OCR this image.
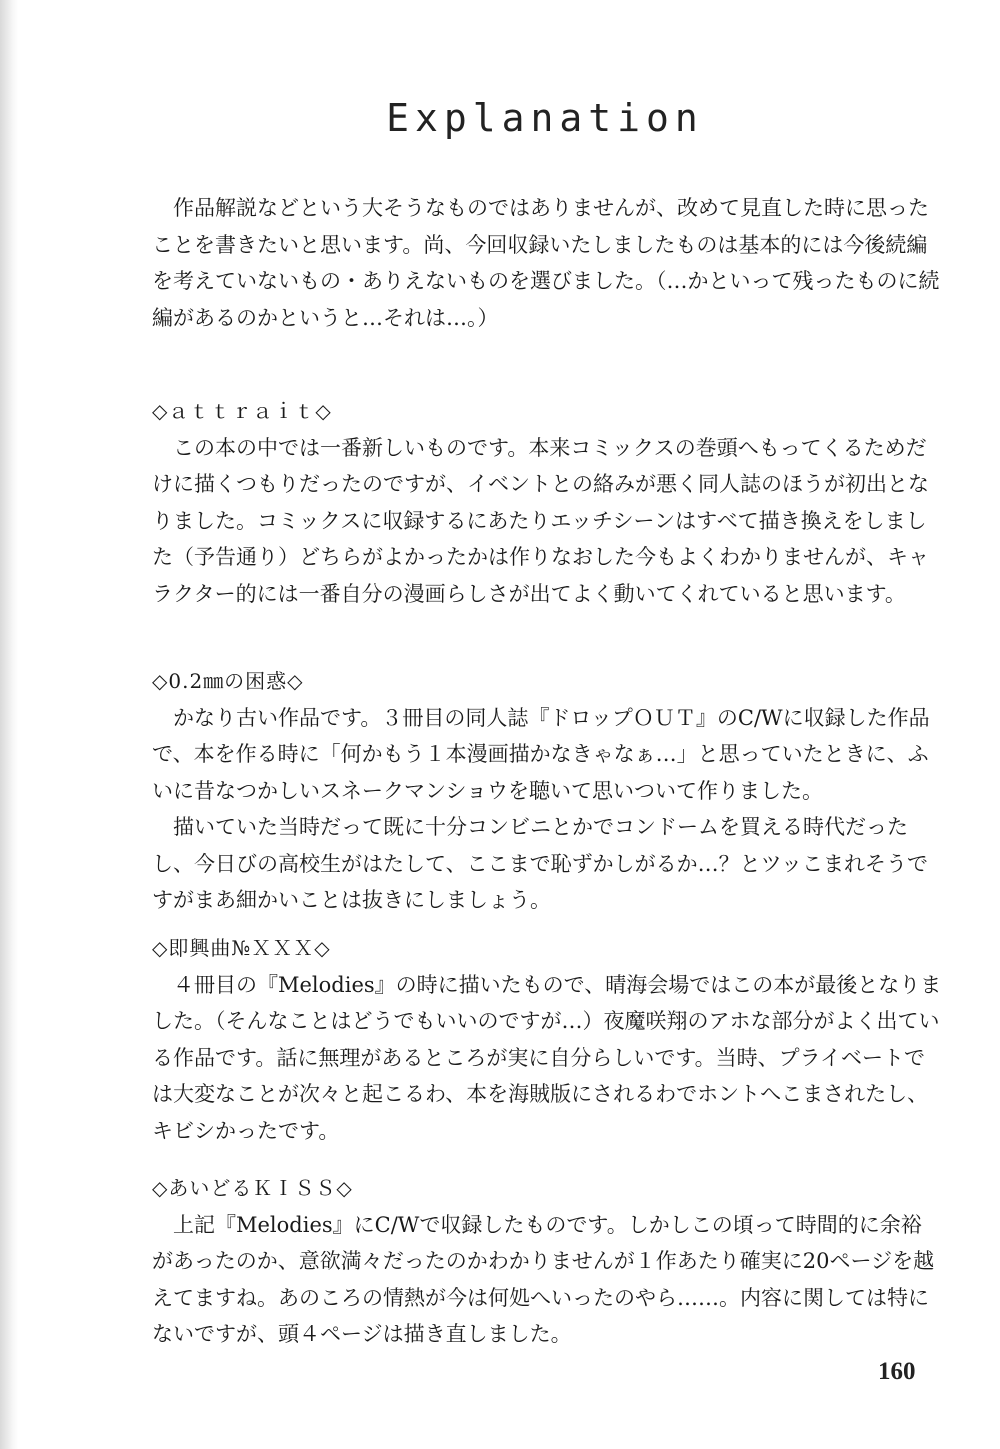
Explanation

作品解説などという大そうなものではありませんが、改めて見直した時に思ったことを書きたいと思います。尚、今回収録いたしましたものは基本的には今後続編を考えていないもの・ありえないものを選びました。（…かといって残ったものに続編があるのかというと…それは…。）

◇ａｔｔｒａｉｔ◇

この本の中では一番新しいものです。本来コミックスの巻頭へもってくるためだけに描くつもりだったのですが、イベントとの絡みが悪く同人誌のほうが初出となりました。コミックスに収録するにあたりエッチシーンはすべて描き換えをしました（予告通り）どちらがよかったかは作りなおした今もよくわかりませんが、キャラクター的には一番自分の漫画らしさが出てよく動いてくれていると思います。

◇0.2㎜の困惑◇

かなり古い作品です。３冊目の同人誌『ドロップＯＵＴ』のC/Wに収録した作品で、本を作る時に「何かもう１本漫画描かなきゃなぁ…」と思っていたときに、ふいに昔なつかしいスネークマンショウを聴いて思いついて作りました。

描いていた当時だって既に十分コンビニとかでコンドームを買える時代だったし、今日びの高校生がはたして、ここまで恥ずかしがるか…？とツッこまれそうですがまあ細かいことは抜きにしましょう。

◇即興曲№ＸＸＸ◇

４冊目の『Melodies』の時に描いたもので、晴海会場ではこの本が最後となりました。（そんなことはどうでもいいのですが…）夜魔咲翔のアホな部分がよく出ている作品です。話に無理があるところが実に自分らしいです。当時、プライベートでは大変なことが次々と起こるわ、本を海賊版にされるわでホントへこまされたし、キビシかったです。

◇あいどるＫＩＳＳ◇

上記『Melodies』にC/Wで収録したものです。しかしこの頃って時間的に余裕があったのか、意欲満々だったのかわかりませんが１作あたり確実に20ページを越えてますね。あのころの情熱が今は何処へいったのやら……。内容に関しては特にないですが、頭４ページは描き直しました。

160
